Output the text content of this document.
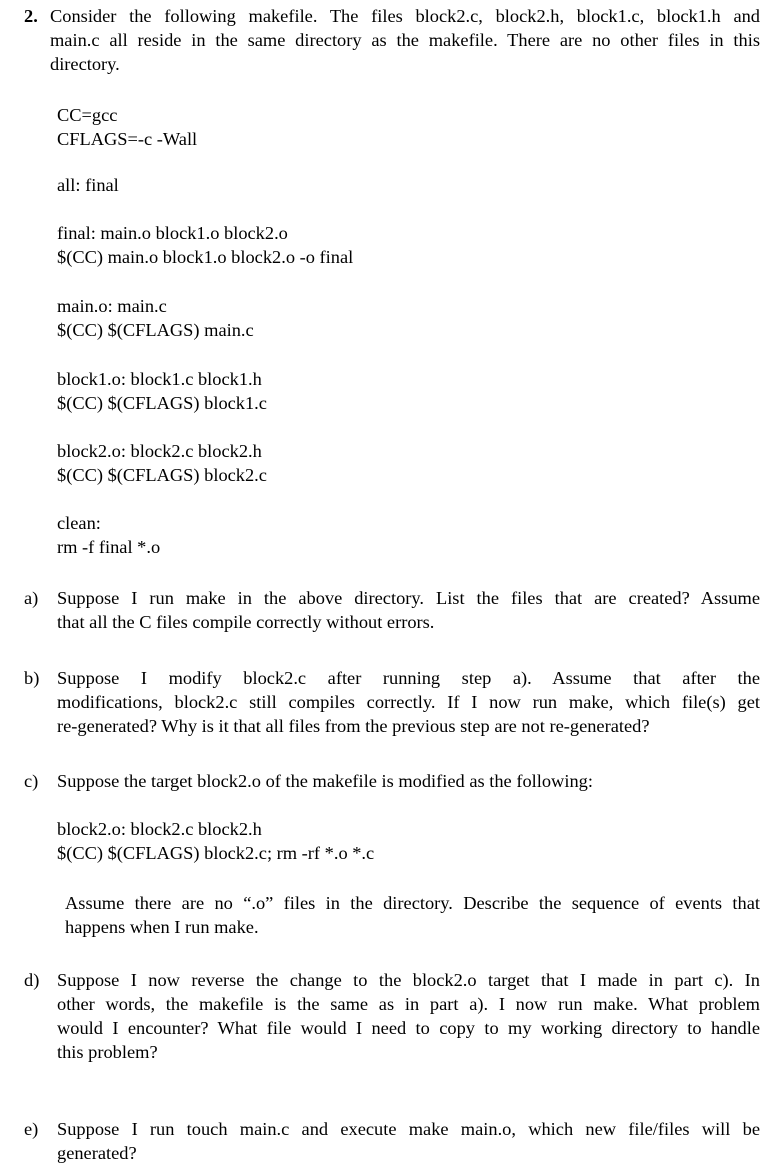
2. Consider the following makefile. The files block2.c, block2.h, block1.c, block1.h and
main.c all reside in the same directory as the makefile. There are no other files in this
directory.
CC=gcc
CFLAGS=-c -Wall
all: final
final: main.o block1.o block2.o
$(CC) main.o block1.o block2.o -o final
main.o: main.c
$(CC) $(CFLAGS) main.c
block1.o: block1.c block1.h
$(CC) $(CFLAGS) block1.c
block2.o: block2.c block2.h
$(CC) $(CFLAGS) block2.c
clean:
rm -f final *.o
a) Suppose I run make in the above directory. List the files that are created? Assume
that all the C files compile correctly without errors.
b) Suppose I modify block2.c after running step a). Assume that after the
modifications, block2.c still compiles correctly. If I now run make, which file(s) get
re-generated? Why is it that all files from the previous step are not re-generated?
c) Suppose the target block2.o of the makefile is modified as the following:
block2.o: block2.c block2.h
$(CC) $(CFLAGS) block2.c; rm -rf *.o *.c
Assume there are no “.o” files in the directory. Describe the sequence of events that
happens when I run make.
d) Suppose I now reverse the change to the block2.o target that I made in part c). In
other words, the makefile is the same as in part a). I now run make. What problem
would I encounter? What file would I need to copy to my working directory to handle
this problem?
e) Suppose I run touch main.c and execute make main.o, which new file/files will be
generated?
